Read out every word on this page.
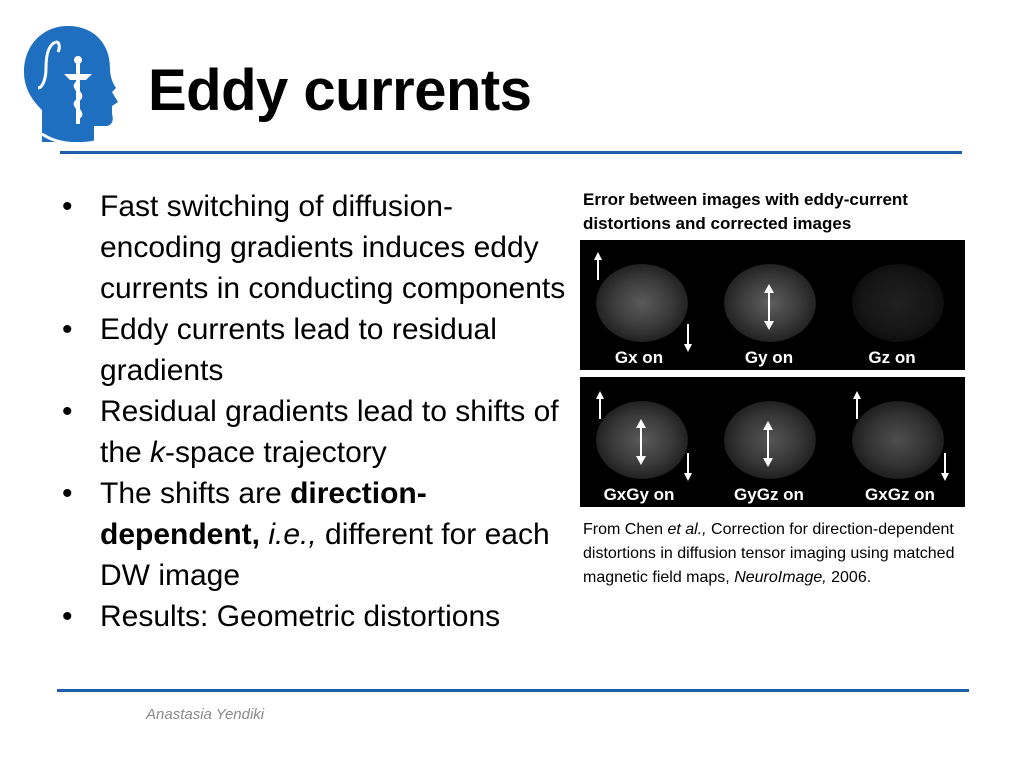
Eddy currents
• Fast switching of diffusion-encoding gradients induces eddy currents in conducting components
• Eddy currents lead to residual gradients
• Residual gradients lead to shifts of the k-space trajectory
• The shifts are direction-dependent, i.e., different for each DW image
• Results: Geometric distortions
Error between images with eddy-current distortions and corrected images
Gx on	Gy on	Gz on
GxGy on	GyGz on	GxGz on
From Chen et al., Correction for direction-dependent distortions in diffusion tensor imaging using matched magnetic field maps, NeuroImage, 2006.
Anastasia Yendiki
